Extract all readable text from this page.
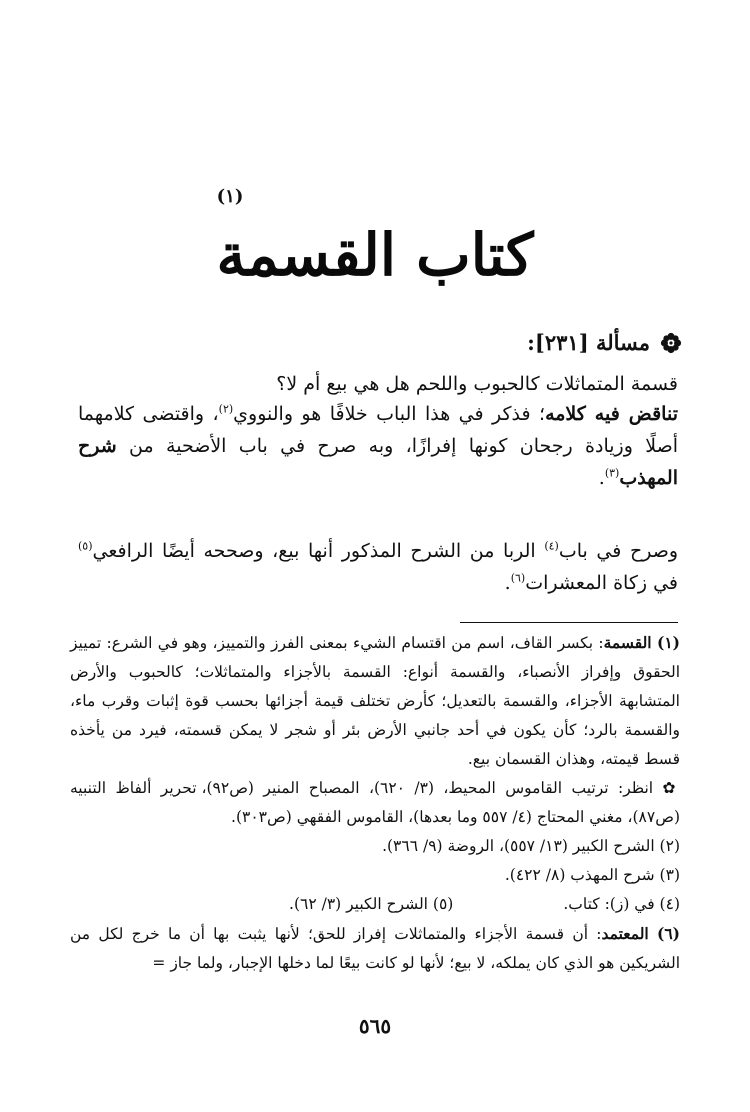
(١)
كتاب القسمة
مسألة [٢٣١]:
قسمة المتماثلات كالحبوب واللحم هل هي بيع أم لا؟
تناقض فيه كلامه؛ فذكر في هذا الباب خلافًا هو والنووي$^{(٢)}$، واقتضى كلامهما أصلًا وزيادة رجحان كونها إفرازًا، وبه صرح في باب الأضحية من شرح المهذب$^{(٣)}$.
وصرح في باب$^{(٤)}$ الربا من الشرح المذكور أنها بيع، وصححه أيضًا الرافعي$^{(٥)}$ في زكاة المعشرات$^{(٦)}$.

(١) القسمة: بكسر القاف، اسم من اقتسام الشيء بمعنى الفرز والتمييز، وهو في الشرع: تمييز الحقوق وإفراز الأنصباء، والقسمة أنواع: القسمة بالأجزاء والمتماثلات؛ كالحبوب والأرض المتشابهة الأجزاء، والقسمة بالتعديل؛ كأرض تختلف قيمة أجزائها بحسب قوة إثبات وقرب ماء، والقسمة بالرد؛ كأن يكون في أحد جانبي الأرض بئر أو شجر لا يمكن قسمته، فيرد من يأخذه قسط قيمته، وهذان القسمان بيع.

✿ انظر: ترتيب القاموس المحيط، (٣/ ٦٢٠)، المصباح المنير (ص٩٢)، تحرير ألفاظ التنبيه (ص٨٧)، مغني المحتاج (٤/ ٥٥٧ وما بعدها)، القاموس الفقهي (ص٣٠٣).

(٢) الشرح الكبير (١٣/ ٥٥٧)، الروضة (٩/ ٣٦٦).

(٣) شرح المهذب (٨/ ٤٢٢).

(٤) في (ز): كتاب.
(٥) الشرح الكبير (٣/ ٦٢).

(٦) المعتمد: أن قسمة الأجزاء والمتماثلات إفراز للحق؛ لأنها يثبت بها أن ما خرج لكل من الشريكين هو الذي كان يملكه، لا بيع؛ لأنها لو كانت بيعًا لما دخلها الإجبار، ولما جاز =

٥٦٥
